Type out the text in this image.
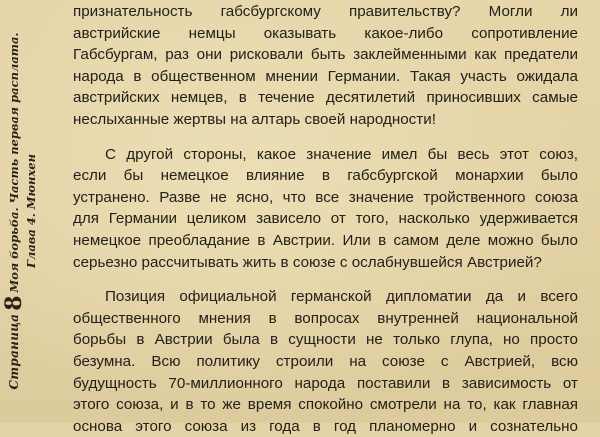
Страница8Моя борьба. Часть первая расплата. Глава 4. Мюнхен

признательность габсбургскому правительству? Могли ли
австрийские немцы оказывать какое-либо сопротивление
Габсбургам, раз они рисковали быть заклейменными как предатели
народа в общественном мнении Германии. Такая участь ожидала
австрийских немцев, в течение десятилетий приносивших самые
неслыханные жертвы на алтарь своей народности!

С другой стороны, какое значение имел бы весь этот союз,
если бы немецкое влияние в габсбургской монархии было
устранено. Разве не ясно, что все значение тройственного союза
для Германии целиком зависело от того, насколько удерживается
немецкое преобладание в Австрии. Или в самом деле можно было
серьезно рассчитывать жить в союзе с ослабнувшейся Австрией?

Позиция официальной германской дипломатии да и всего
общественного мнения в вопросах внутренней национальной
борьбы в Австрии была в сущности не только глупа, но просто
безумна. Всю политику строили на союзе с Австрией, всю
будущность 70-миллионного народа поставили в зависимость от
этого союза, и в то же время спокойно смотрели на то, как главная
основа этого союза из года в год планомерно и сознательно
